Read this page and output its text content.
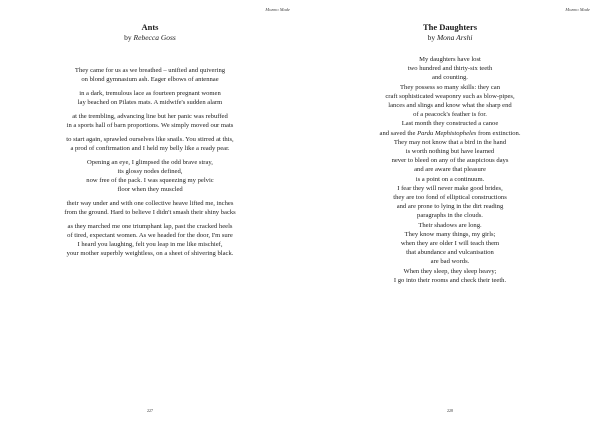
Mozmo Made
Ants
by Rebecca Goss
They came for us as we breathed – unified and quivering
on blond gymnasium ash. Eager elbows of antennae
in a dark, tremulous lace as fourteen pregnant women
lay beached on Pilates mats. A midwife's sudden alarm
at the trembling, advancing line but her panic was rebuffed
in a sports hall of barn proportions. We simply moved our mats
to start again, sprawled ourselves like snails. You stirred at this,
a prod of confirmation and I held my belly like a ready pear.
Opening an eye, I glimpsed the odd brave stray,
its glossy nodes defined,
now free of the pack. I was squeezing my pelvic
floor when they muscled
their way under and with one collective heave lifted me, inches
from the ground. Hard to believe I didn't smash their shiny backs
as they marched me one triumphant lap, past the cracked heels
of tired, expectant women. As we headed for the door, I'm sure
I heard you laughing, felt you leap in me like mischief,
your mother superbly weightless, on a sheet of shivering black.
227
Mozmo Made
The Daughters
by Mona Arshi
My daughters have lost
two hundred and thirty-six teeth
and counting.
They possess so many skills: they can
craft sophisticated weaponry such as blow-pipes,
lances and slings and know what the sharp end
of a peacock's feather is for.
Last month they constructed a canoe
and saved the Pardu Mephistopheles from extinction.
They may not know that a bird in the hand
is worth nothing but have learned
never to bleed on any of the auspicious days
and are aware that pleasure
is a point on a continuum.
I fear they will never make good brides,
they are too fond of elliptical constructions
and are prone to lying in the dirt reading
paragraphs in the clouds.
Their shadows are long.
They know many things, my girls;
when they are older I will teach them
that abundance and vulcanisation
are bad words.
When they sleep, they sleep heavy;
I go into their rooms and check their teeth.
228
